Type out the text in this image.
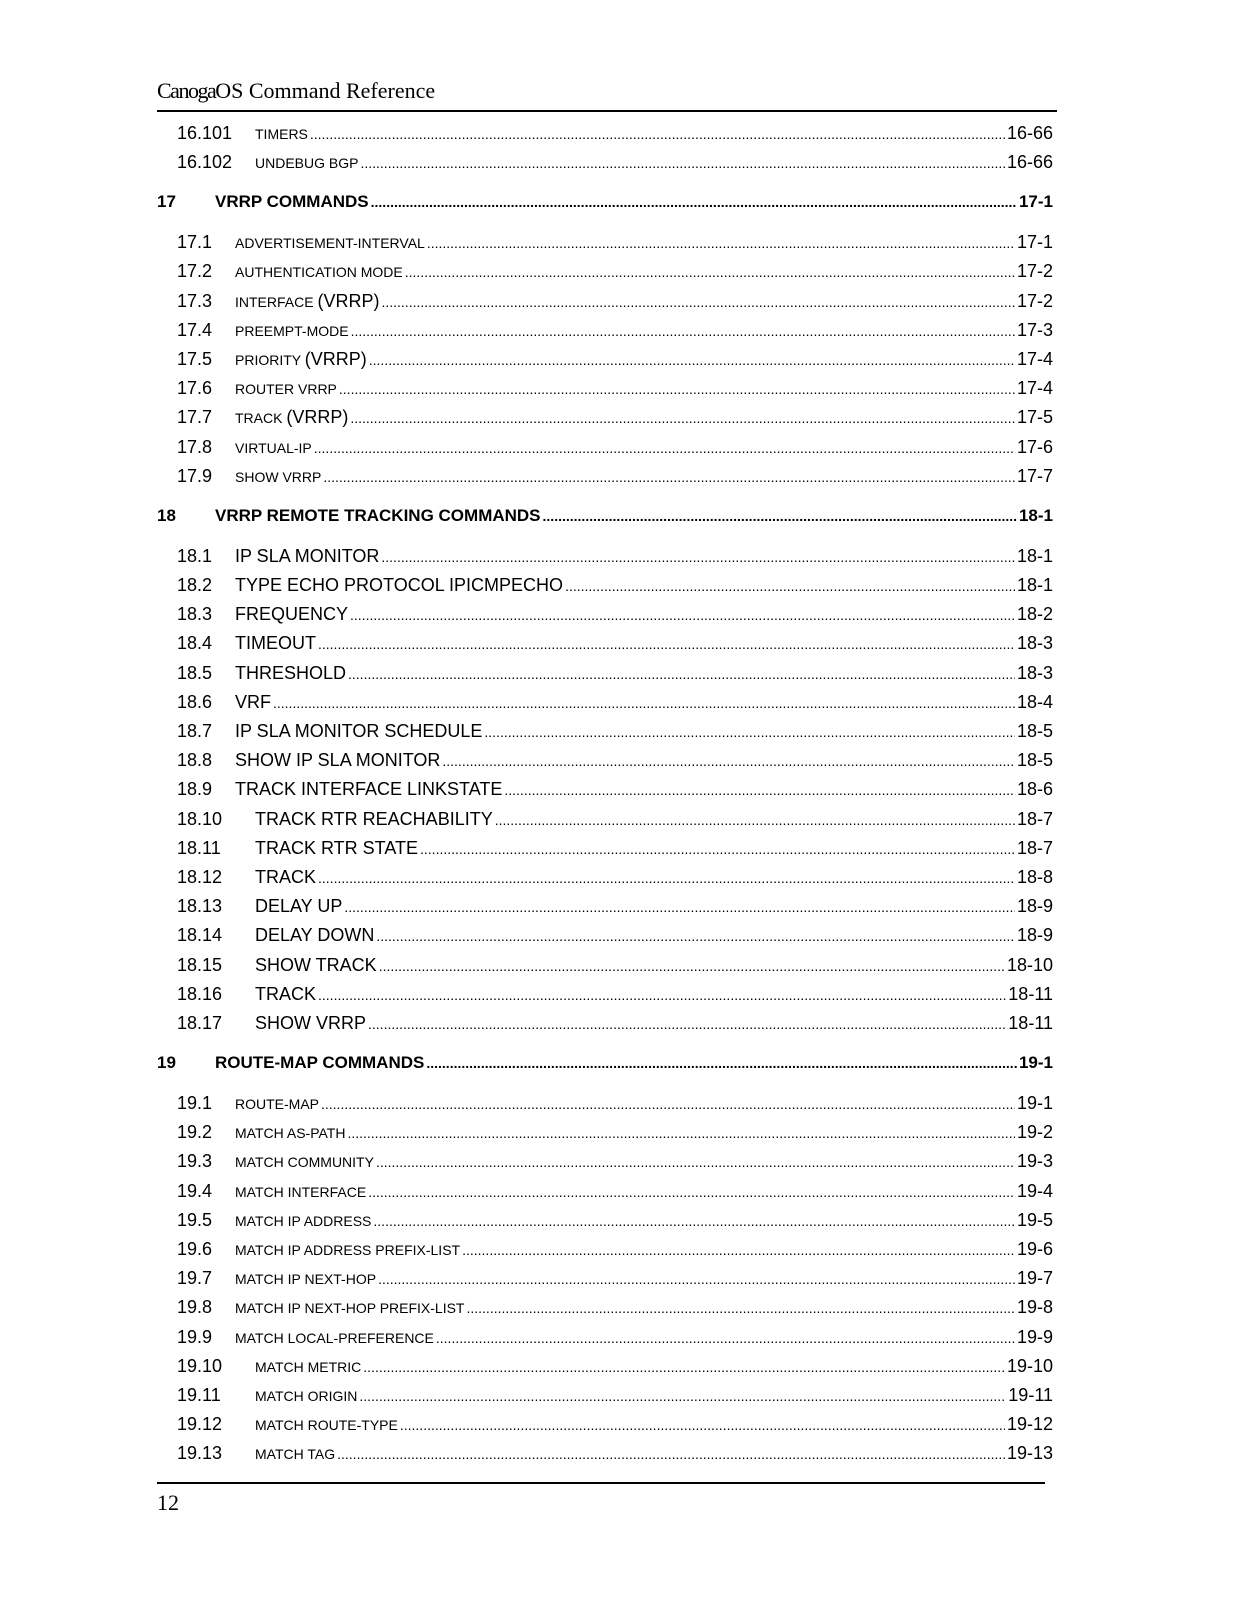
CanogaOS Command Reference
16.101	TIMERS .....	16-66
16.102	UNDEBUG BGP .....	16-66
17	VRRP COMMANDS .....	17-1
17.1	ADVERTISEMENT-INTERVAL .....	17-1
17.2	AUTHENTICATION MODE .....	17-2
17.3	INTERFACE (VRRP) .....	17-2
17.4	PREEMPT-MODE .....	17-3
17.5	PRIORITY (VRRP) .....	17-4
17.6	ROUTER VRRP .....	17-4
17.7	TRACK (VRRP) .....	17-5
17.8	VIRTUAL-IP .....	17-6
17.9	SHOW VRRP .....	17-7
18	VRRP REMOTE TRACKING COMMANDS .....	18-1
18.1	IP SLA MONITOR .....	18-1
18.2	TYPE ECHO PROTOCOL IPICMPECHO .....	18-1
18.3	FREQUENCY .....	18-2
18.4	TIMEOUT .....	18-3
18.5	THRESHOLD .....	18-3
18.6	VRF .....	18-4
18.7	IP SLA MONITOR SCHEDULE .....	18-5
18.8	SHOW IP SLA MONITOR .....	18-5
18.9	TRACK INTERFACE LINKSTATE .....	18-6
18.10	TRACK RTR REACHABILITY .....	18-7
18.11	TRACK RTR STATE .....	18-7
18.12	TRACK .....	18-8
18.13	DELAY UP .....	18-9
18.14	DELAY DOWN .....	18-9
18.15	SHOW TRACK .....	18-10
18.16	TRACK .....	18-11
18.17	SHOW VRRP .....	18-11
19	ROUTE-MAP COMMANDS .....	19-1
19.1	ROUTE-MAP .....	19-1
19.2	MATCH AS-PATH .....	19-2
19.3	MATCH COMMUNITY .....	19-3
19.4	MATCH INTERFACE .....	19-4
19.5	MATCH IP ADDRESS .....	19-5
19.6	MATCH IP ADDRESS PREFIX-LIST .....	19-6
19.7	MATCH IP NEXT-HOP .....	19-7
19.8	MATCH IP NEXT-HOP PREFIX-LIST .....	19-8
19.9	MATCH LOCAL-PREFERENCE .....	19-9
19.10	MATCH METRIC .....	19-10
19.11	MATCH ORIGIN .....	19-11
19.12	MATCH ROUTE-TYPE .....	19-12
19.13	MATCH TAG .....	19-13
12
